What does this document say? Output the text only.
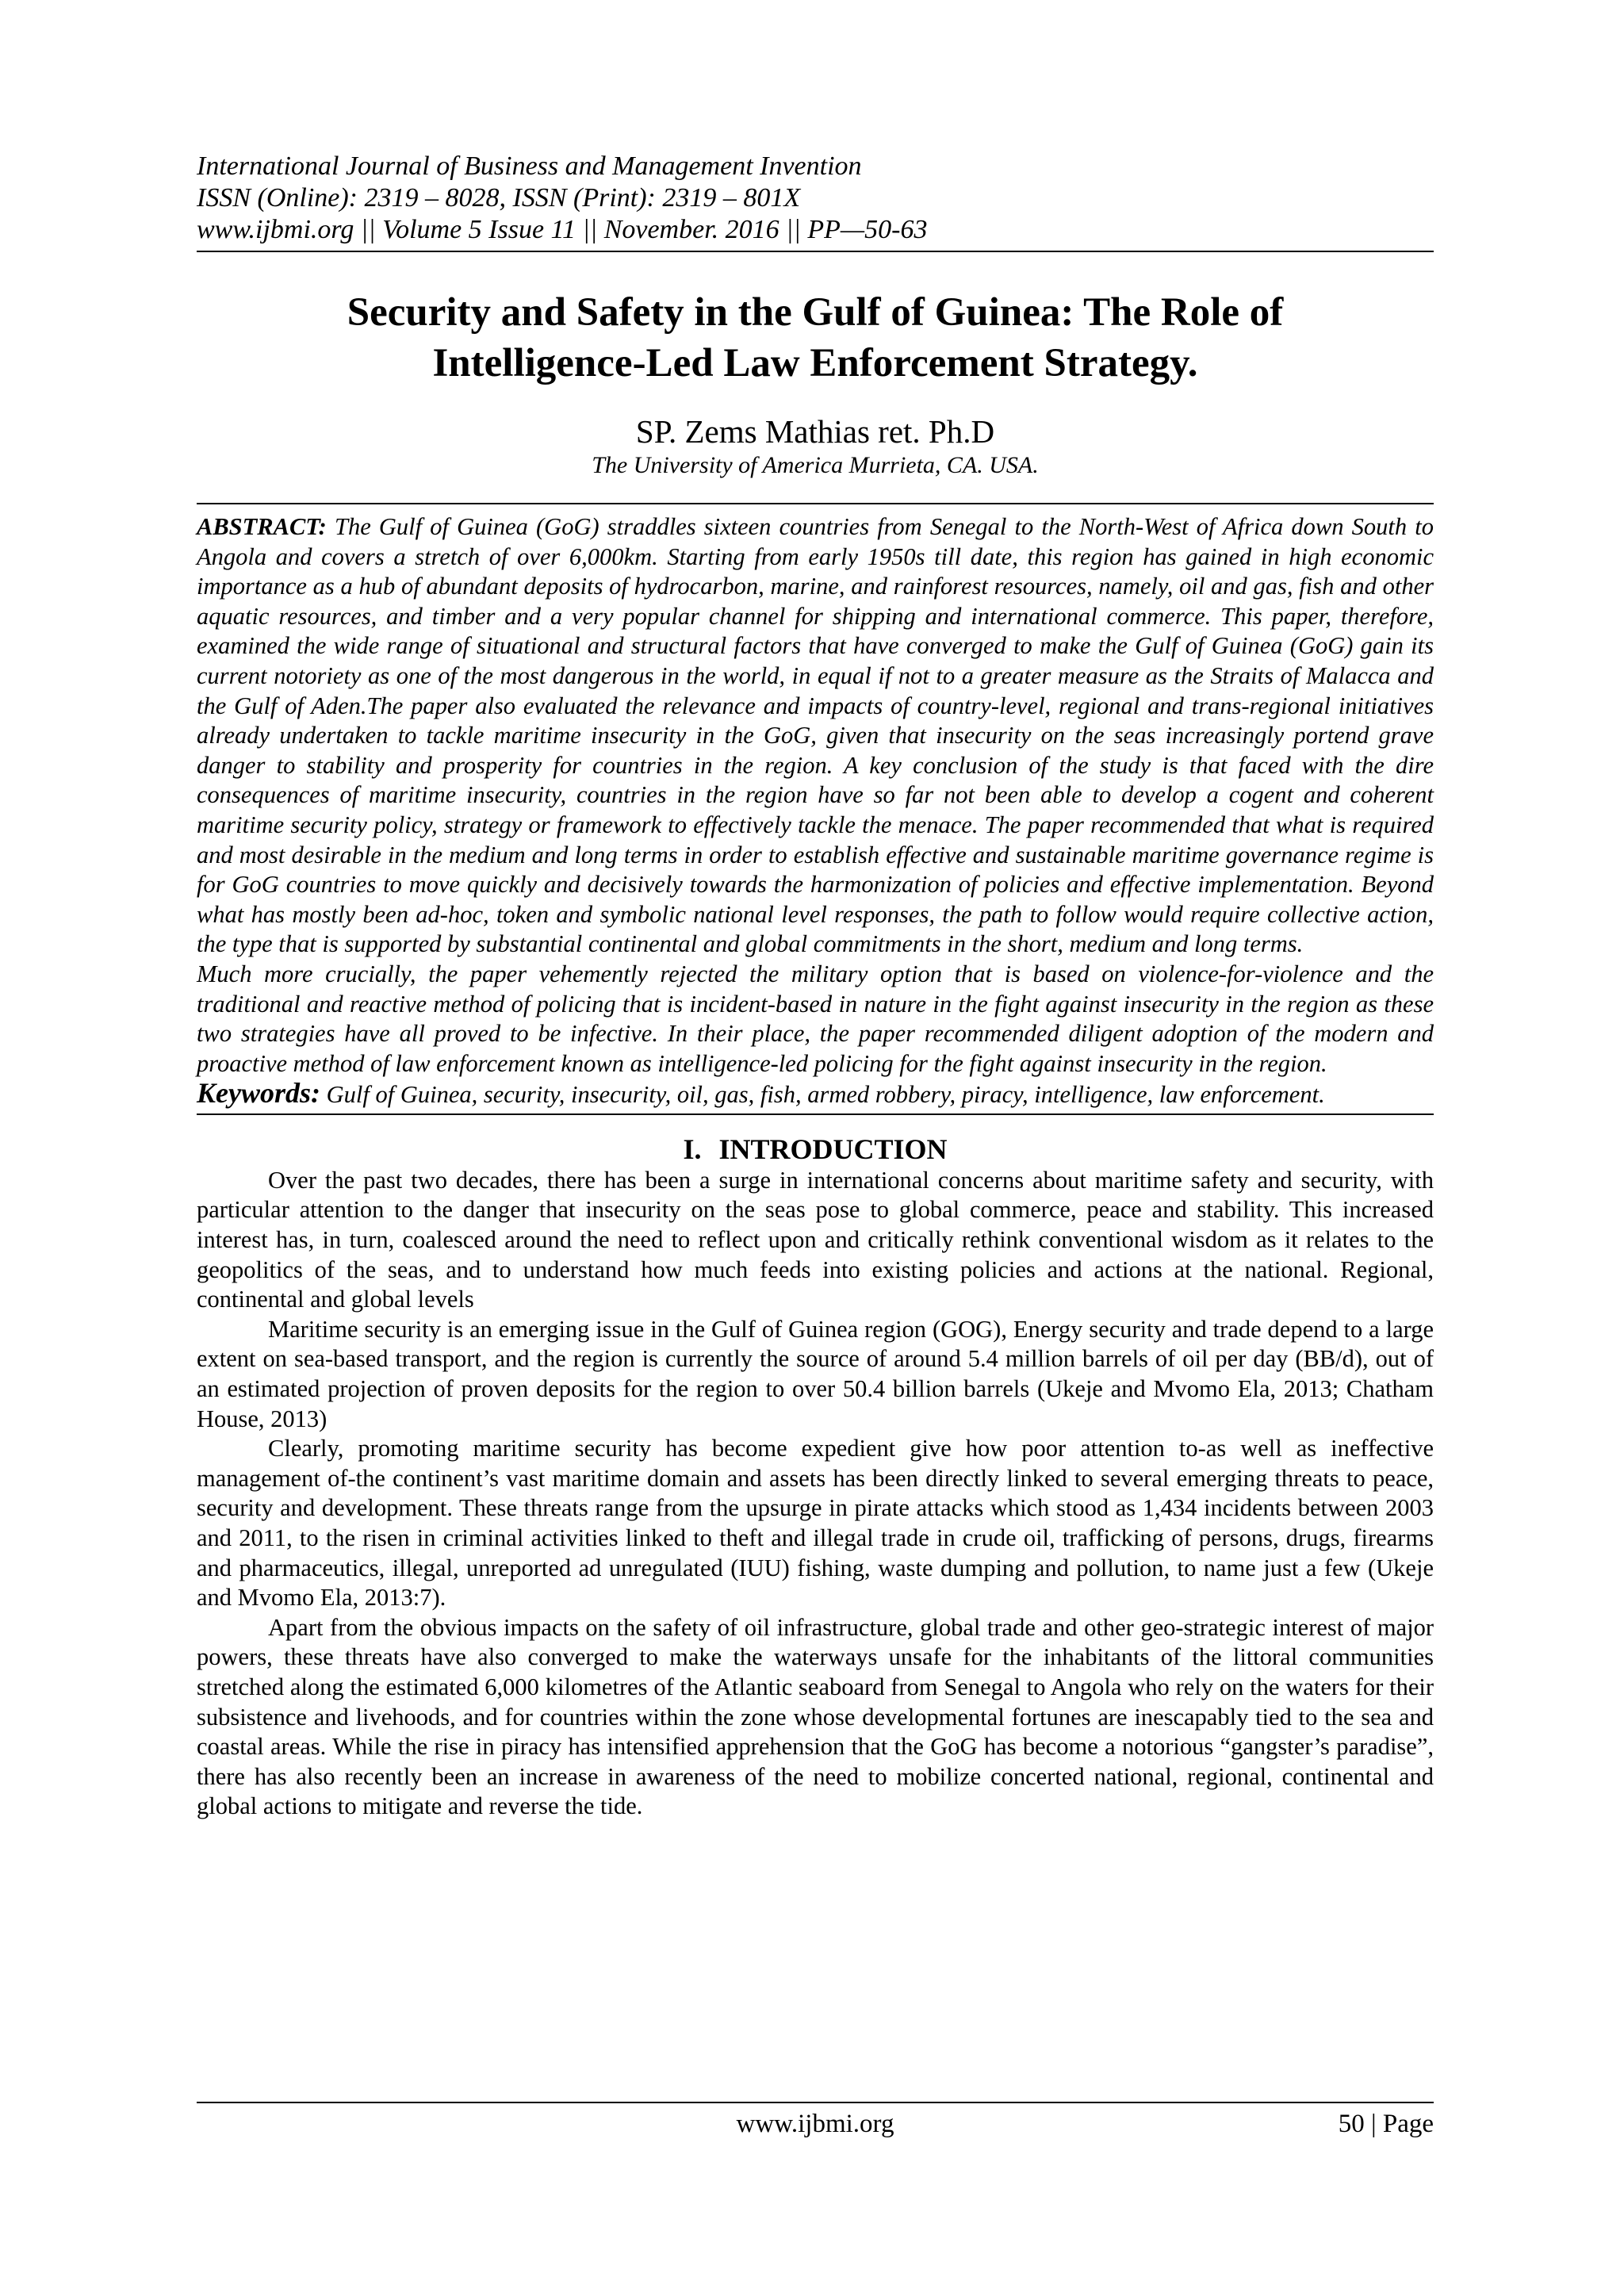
International Journal of Business and Management Invention
ISSN (Online): 2319 – 8028, ISSN (Print): 2319 – 801X
www.ijbmi.org || Volume 5 Issue 11 || November. 2016 || PP—50-63
Security and Safety in the Gulf of Guinea: The Role of
Intelligence-Led Law Enforcement Strategy.
SP. Zems Mathias ret. Ph.D
The University of America Murrieta, CA. USA.

ABSTRACT: The Gulf of Guinea (GoG) straddles sixteen countries from Senegal to the North-West of Africa down South to Angola and covers a stretch of over 6,000km. Starting from early 1950s till date, this region has gained in high economic importance as a hub of abundant deposits of hydrocarbon, marine, and rainforest resources, namely, oil and gas, fish and other aquatic resources, and timber and a very popular channel for shipping and international commerce. This paper, therefore, examined the wide range of situational and structural factors that have converged to make the Gulf of Guinea (GoG) gain its current notoriety as one of the most dangerous in the world, in equal if not to a greater measure as the Straits of Malacca and the Gulf of Aden.The paper also evaluated the relevance and impacts of country-level, regional and trans-regional initiatives already undertaken to tackle maritime insecurity in the GoG, given that insecurity on the seas increasingly portend grave danger to stability and prosperity for countries in the region. A key conclusion of the study is that faced with the dire consequences of maritime insecurity, countries in the region have so far not been able to develop a cogent and coherent maritime security policy, strategy or framework to effectively tackle the menace. The paper recommended that what is required and most desirable in the medium and long terms in order to establish effective and sustainable maritime governance regime is for GoG countries to move quickly and decisively towards the harmonization of policies and effective implementation. Beyond what has mostly been ad-hoc, token and symbolic national level responses, the path to follow would require collective action, the type that is supported by substantial continental and global commitments in the short, medium and long terms.

Much more crucially, the paper vehemently rejected the military option that is based on violence-for-violence and the traditional and reactive method of policing that is incident-based in nature in the fight against insecurity in the region as these two strategies have all proved to be infective. In their place, the paper recommended diligent adoption of the modern and proactive method of law enforcement known as intelligence-led policing for the fight against insecurity in the region.

Keywords: Gulf of Guinea, security, insecurity, oil, gas, fish, armed robbery, piracy, intelligence, law enforcement.

I. INTRODUCTION

Over the past two decades, there has been a surge in international concerns about maritime safety and security, with particular attention to the danger that insecurity on the seas pose to global commerce, peace and stability. This increased interest has, in turn, coalesced around the need to reflect upon and critically rethink conventional wisdom as it relates to the geopolitics of the seas, and to understand how much feeds into existing policies and actions at the national. Regional, continental and global levels

Maritime security is an emerging issue in the Gulf of Guinea region (GOG), Energy security and trade depend to a large extent on sea-based transport, and the region is currently the source of around 5.4 million barrels of oil per day (BB/d), out of an estimated projection of proven deposits for the region to over 50.4 billion barrels (Ukeje and Mvomo Ela, 2013; Chatham House, 2013)

Clearly, promoting maritime security has become expedient give how poor attention to-as well as ineffective management of-the continent’s vast maritime domain and assets has been directly linked to several emerging threats to peace, security and development. These threats range from the upsurge in pirate attacks which stood as 1,434 incidents between 2003 and 2011, to the risen in criminal activities linked to theft and illegal trade in crude oil, trafficking of persons, drugs, firearms and pharmaceutics, illegal, unreported ad unregulated (IUU) fishing, waste dumping and pollution, to name just a few (Ukeje and Mvomo Ela, 2013:7).

Apart from the obvious impacts on the safety of oil infrastructure, global trade and other geo-strategic interest of major powers, these threats have also converged to make the waterways unsafe for the inhabitants of the littoral communities stretched along the estimated 6,000 kilometres of the Atlantic seaboard from Senegal to Angola who rely on the waters for their subsistence and livehoods, and for countries within the zone whose developmental fortunes are inescapably tied to the sea and coastal areas. While the rise in piracy has intensified apprehension that the GoG has become a notorious “gangster’s paradise”, there has also recently been an increase in awareness of the need to mobilize concerted national, regional, continental and global actions to mitigate and reverse the tide.

www.ijbmi.org	50 | Page
